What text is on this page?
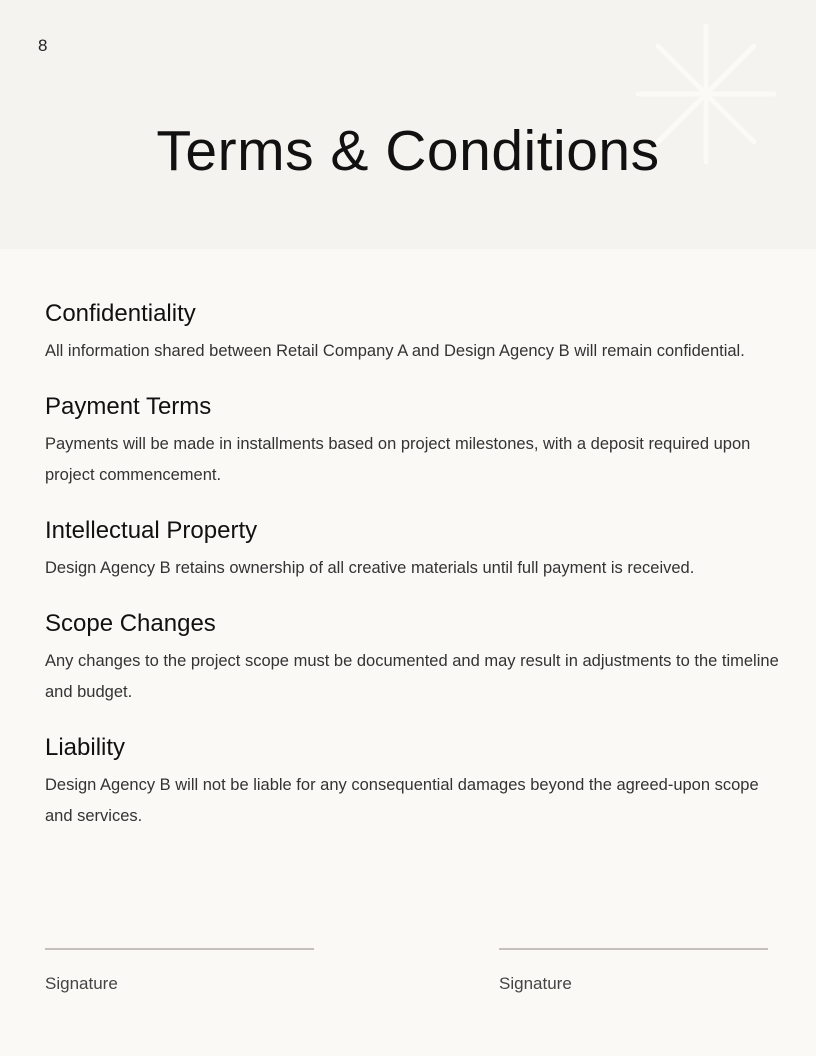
8
Terms & Conditions
Confidentiality

All information shared between Retail Company A and Design Agency B will remain confidential.

Payment Terms

Payments will be made in installments based on project milestones, with a deposit required upon project commencement.

Intellectual Property

Design Agency B retains ownership of all creative materials until full payment is received.

Scope Changes

Any changes to the project scope must be documented and may result in adjustments to the timeline and budget.

Liability

Design Agency B will not be liable for any consequential damages beyond the agreed-upon scope and services.

Signature	Signature
